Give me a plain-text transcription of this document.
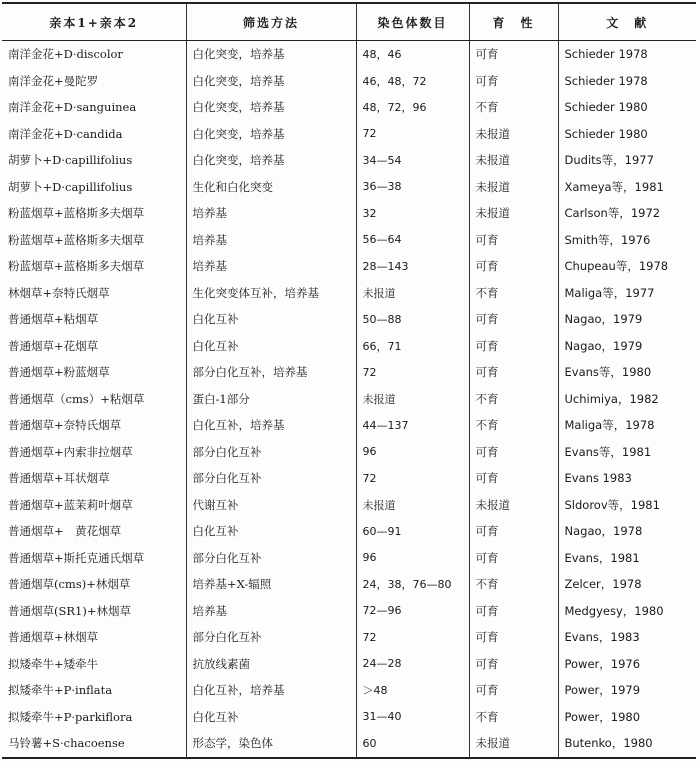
亲本1+亲本2	筛选方法	染色体数目	育　性	文　献
南洋金花+D·discolor	白化突变，培养基	48，46	可育	Schieder 1978
南洋金花+曼陀罗	白化突变，培养基	46，48，72	可育	Schieder 1978
南洋金花+D·sanguinea	白化突变，培养基	48，72，96	不育	Schieder 1980
南洋金花+D·candida	白化突变，培养基	72	未报道	Schieder 1980
胡萝卜+D·capillifolius	白化突变，培养基	34—54	未报道	Dudits等，1977
胡萝卜+D·capillifolius	生化和白化突变	36—38	未报道	Xameya等，1981
粉蓝烟草+蓝格斯多夫烟草	培养基	32	未报道	Carlson等，1972
粉蓝烟草+蓝格斯多夫烟草	培养基	56—64	可育	Smith等，1976
粉蓝烟草+蓝格斯多夫烟草	培养基	28—143	可育	Chupeau等，1978
林烟草+奈特氏烟草	生化突变体互补，培养基	未报道	不育	Maliga等，1977
普通烟草+粘烟草	白化互补	50—88	可育	Nagao，1979
普通烟草+花烟草	白化互补	66，71	可育	Nagao，1979
普通烟草+粉蓝烟草	部分白化互补，培养基	72	可育	Evans等，1980
普通烟草（cms）+粘烟草	蛋白-1部分	未报道	不育	Uchimiya，1982
普通烟草+奈特氏烟草	白化互补，培养基	44—137	不育	Maliga等，1978
普通烟草+内索非拉烟草	部分白化互补	96	可育	Evans等，1981
普通烟草+耳状烟草	部分白化互补	72	可育	Evans 1983
普通烟草+蓝茉莉叶烟草	代谢互补	未报道	未报道	Sldorov等，1981
普通烟草+　黄花烟草	白化互补	60—91	可育	Nagao，1978
普通烟草+斯托克通氏烟草	部分白化互补	96	可育	Evans，1981
普通烟草(cms)+林烟草	培养基+X-辐照	24，38，76—80	不育	Zelcer，1978
普通烟草(SR1)+林烟草	培养基	72—96	可育	Medgyesy，1980
普通烟草+林烟草	部分白化互补	72	可育	Evans，1983
拟矮牵牛+矮牵牛	抗放线素菌	24—28	可育	Power，1976
拟矮牵牛+P·inflata	白化互补，培养基	＞48	可育	Power，1979
拟矮牵牛+P·parkiflora	白化互补	31—40	不育	Power，1980
马铃薯+S·chacoense	形态学，染色体	60	未报道	Butenko，1980
